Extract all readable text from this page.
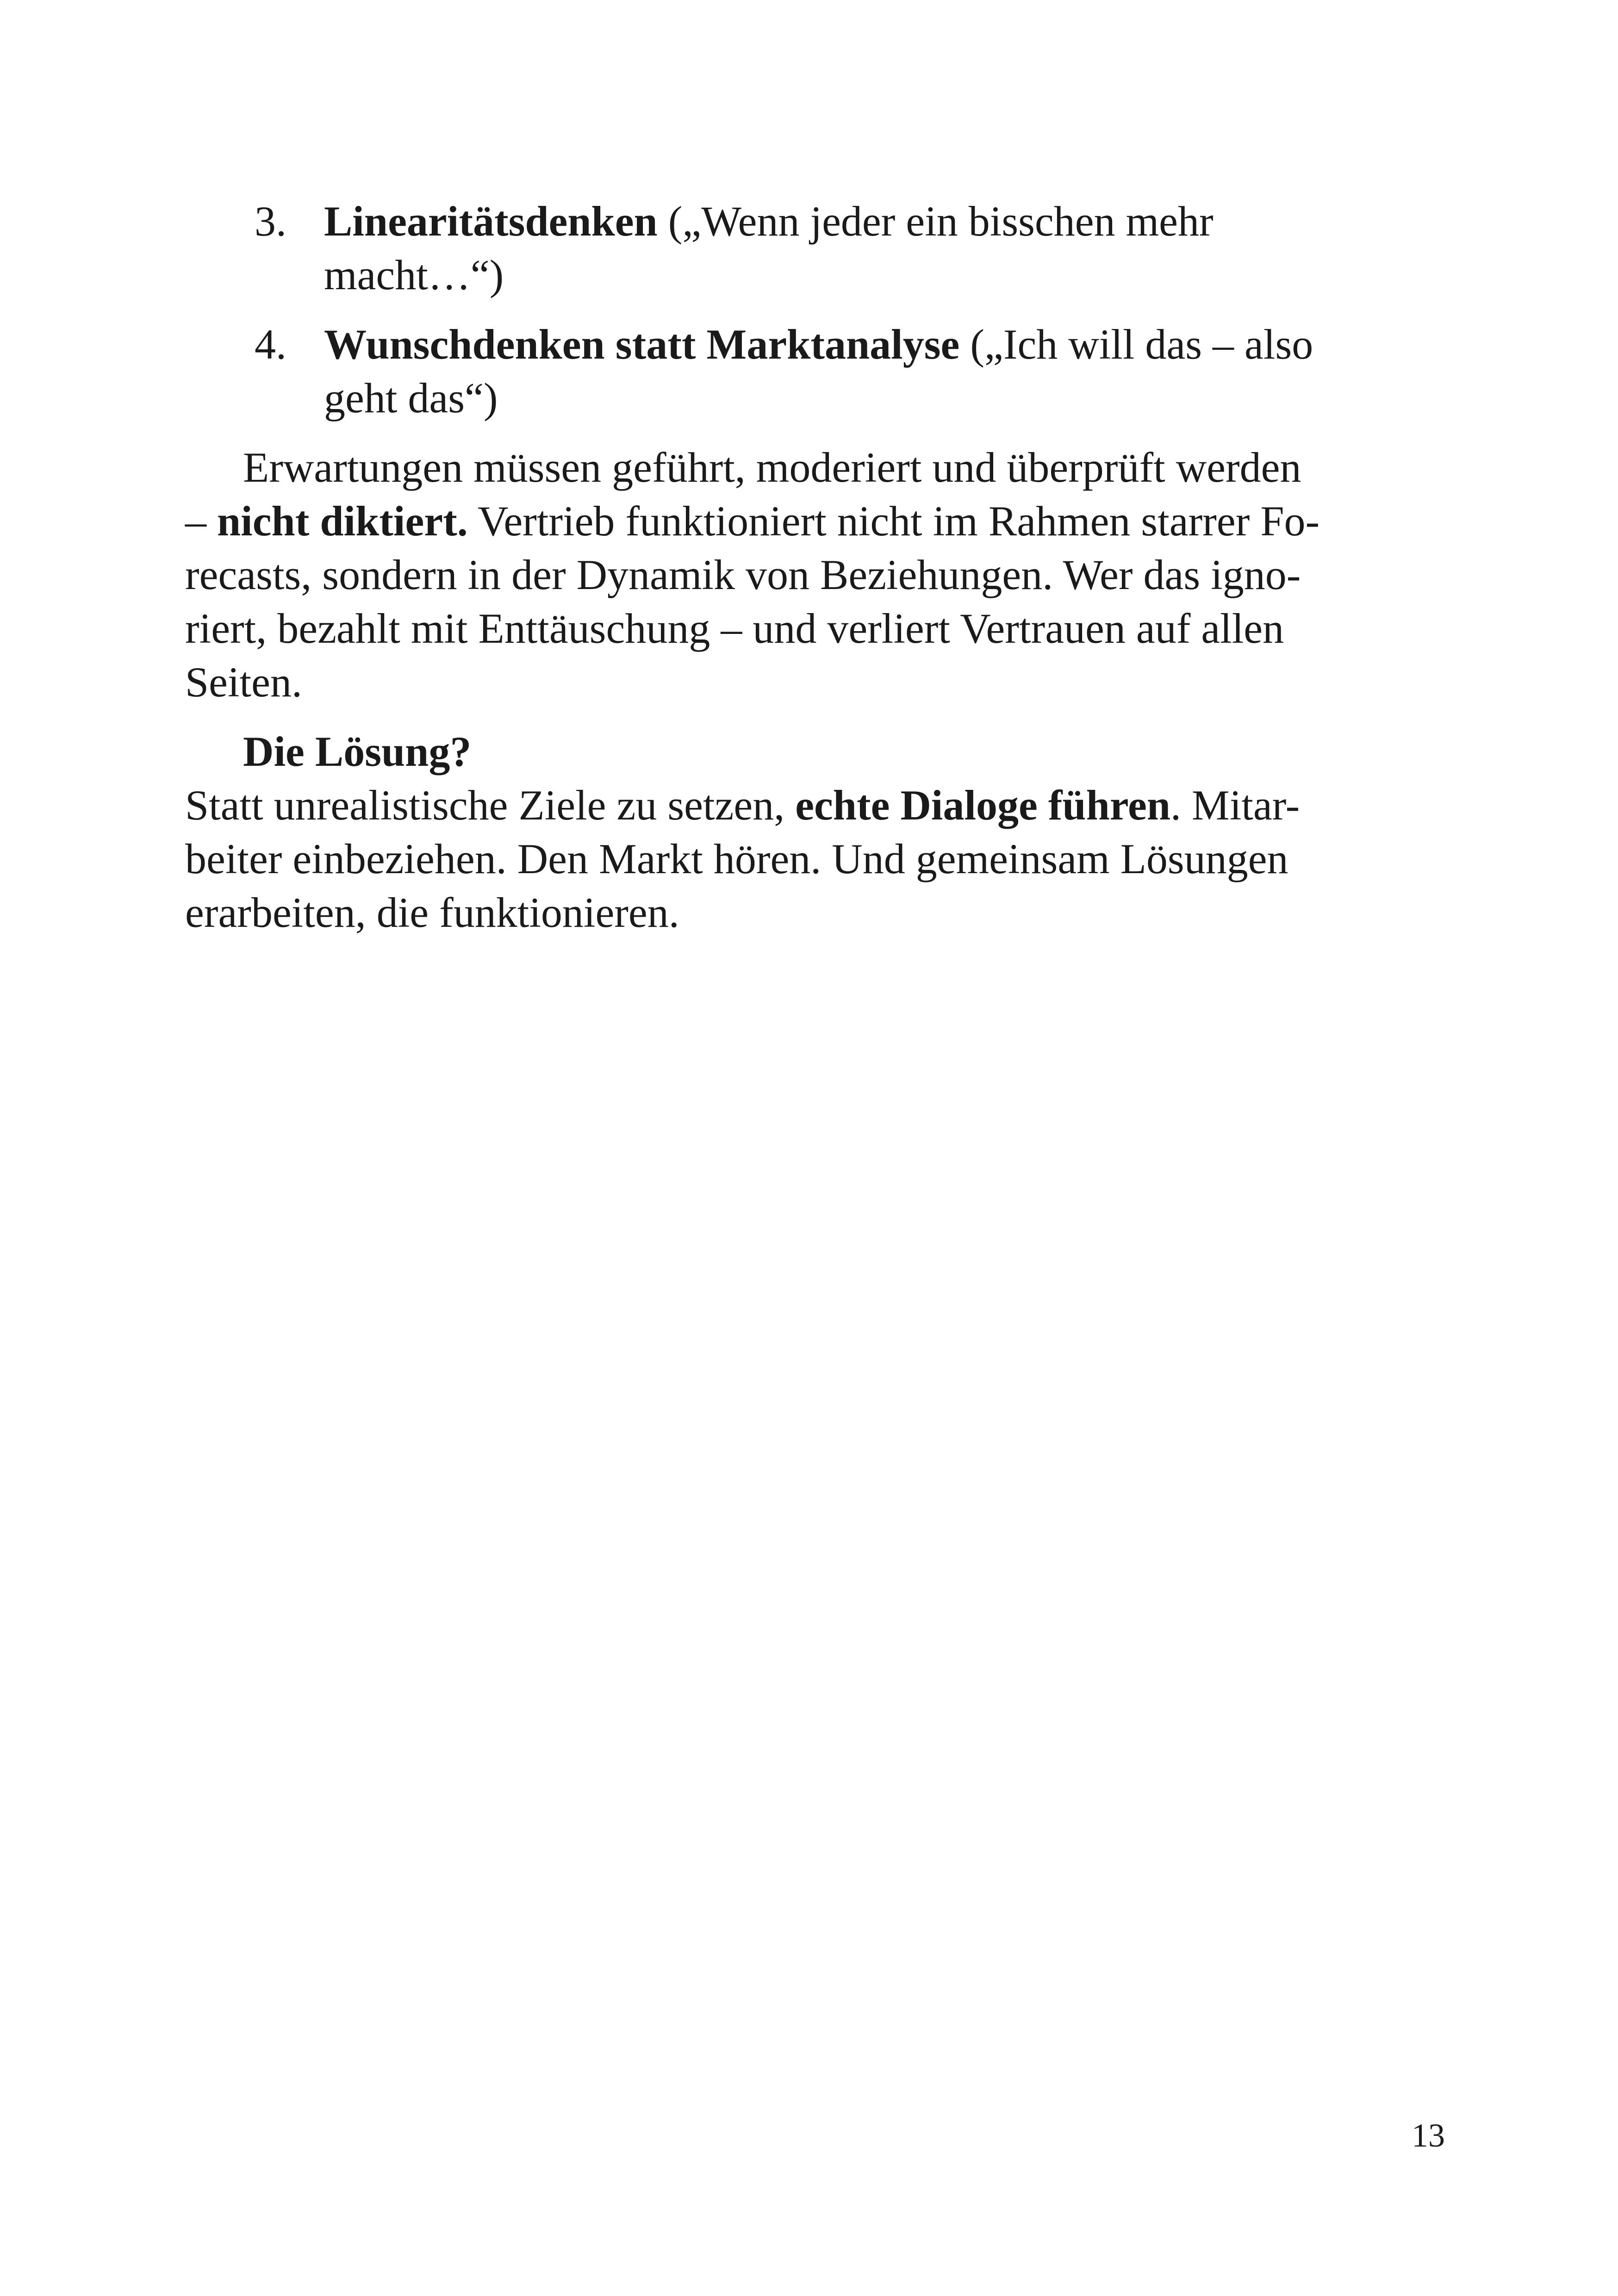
3. Linearitätsdenken („Wenn jeder ein bisschen mehr
macht…“)
4. Wunschdenken statt Marktanalyse („Ich will das – also
geht das“)
Erwartungen müssen geführt, moderiert und überprüft werden
– nicht diktiert. Vertrieb funktioniert nicht im Rahmen starrer Fo-
recasts, sondern in der Dynamik von Beziehungen. Wer das igno-
riert, bezahlt mit Enttäuschung – und verliert Vertrauen auf allen
Seiten.
Die Lösung?
Statt unrealistische Ziele zu setzen, echte Dialoge führen. Mitar-
beiter einbeziehen. Den Markt hören. Und gemeinsam Lösungen
erarbeiten, die funktionieren.
13
